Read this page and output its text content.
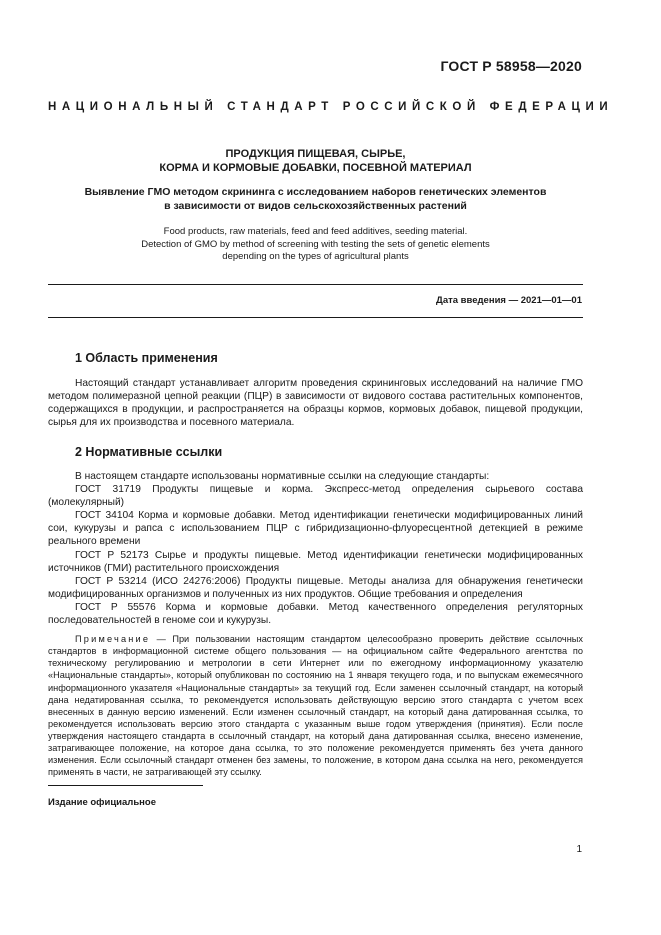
ГОСТ Р 58958—2020
НАЦИОНАЛЬНЫЙ СТАНДАРТ РОССИЙСКОЙ ФЕДЕРАЦИИ
ПРОДУКЦИЯ ПИЩЕВАЯ, СЫРЬЕ,
КОРМА И КОРМОВЫЕ ДОБАВКИ, ПОСЕВНОЙ МАТЕРИАЛ
Выявление ГМО методом скрининга с исследованием наборов генетических элементов
в зависимости от видов сельскохозяйственных растений
Food products, raw materials, feed and feed additives, seeding material.
Detection of GMO by method of screening with testing the sets of genetic elements
depending on the types of agricultural plants
Дата введения — 2021—01—01
1 Область применения

Настоящий стандарт устанавливает алгоритм проведения скрининговых исследований на наличие ГМО методом полимеразной цепной реакции (ПЦР) в зависимости от видового состава растительных компонентов, содержащихся в продукции, и распространяется на образцы кормов, кормовых добавок, пищевой продукции, сырья для их производства и посевного материала.

2 Нормативные ссылки

В настоящем стандарте использованы нормативные ссылки на следующие стандарты:

ГОСТ 31719 Продукты пищевые и корма. Экспресс-метод определения сырьевого состава (молекулярный)

ГОСТ 34104 Корма и кормовые добавки. Метод идентификации генетически модифицированных линий сои, кукурузы и рапса с использованием ПЦР с гибридизационно-флуоресцентной детекцией в режиме реального времени

ГОСТ Р 52173 Сырье и продукты пищевые. Метод идентификации генетически модифицированных источников (ГМИ) растительного происхождения

ГОСТ Р 53214 (ИСО 24276:2006) Продукты пищевые. Методы анализа для обнаружения генетически модифицированных организмов и полученных из них продуктов. Общие требования и определения

ГОСТ Р 55576 Корма и кормовые добавки. Метод качественного определения регуляторных последовательностей в геноме сои и кукурузы.

Примечание — При пользовании настоящим стандартом целесообразно проверить действие ссылочных стандартов в информационной системе общего пользования — на официальном сайте Федерального агентства по техническому регулированию и метрологии в сети Интернет или по ежегодному информационному указателю «Национальные стандарты», который опубликован по состоянию на 1 января текущего года, и по выпускам ежемесячного информационного указателя «Национальные стандарты» за текущий год. Если заменен ссылочный стандарт, на который дана недатированная ссылка, то рекомендуется использовать действующую версию этого стандарта с учетом всех внесенных в данную версию изменений. Если изменен ссылочный стандарт, на который дана датированная ссылка, то рекомендуется использовать версию этого стандарта с указанным выше годом утверждения (принятия). Если после утверждения настоящего стандарта в ссылочный стандарт, на который дана датированная ссылка, внесено изменение, затрагивающее положение, на которое дана ссылка, то это положение рекомендуется применять без учета данного изменения. Если ссылочный стандарт отменен без замены, то положение, в котором дана ссылка на него, рекомендуется применять в части, не затрагивающей эту ссылку.

Издание официальное
1
